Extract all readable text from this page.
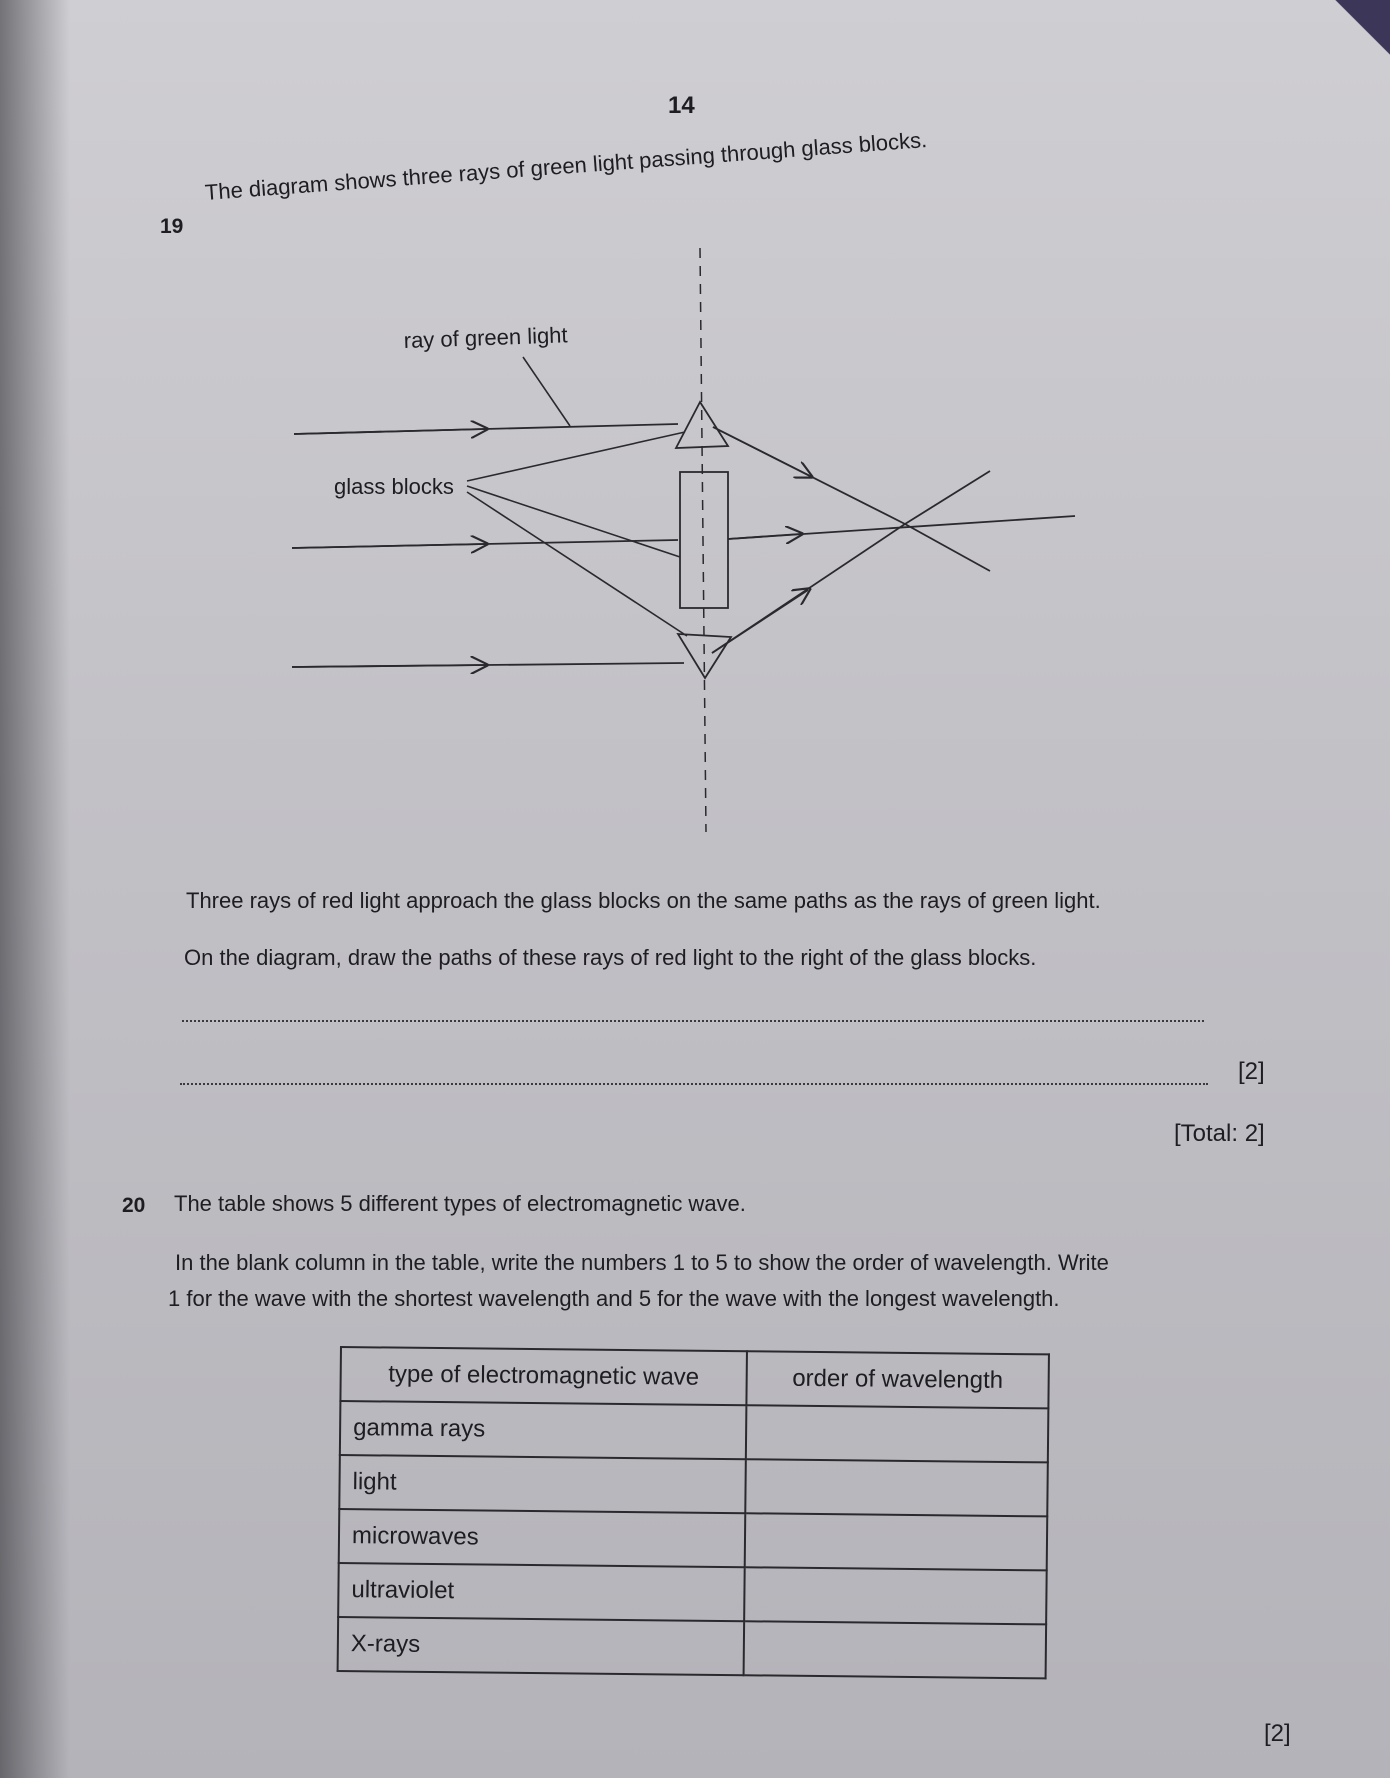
14
19
The diagram shows three rays of green light passing through glass blocks.
ray of green light
glass blocks
Three rays of red light approach the glass blocks on the same paths as the rays of green light.
On the diagram, draw the paths of these rays of red light to the right of the glass blocks.
[2]
[Total: 2]
20 The table shows 5 different types of electromagnetic wave.
In the blank column in the table, write the numbers 1 to 5 to show the order of wavelength. Write
1 for the wave with the shortest wavelength and 5 for the wave with the longest wavelength.
type of electromagnetic wave	order of wavelength
gamma rays	
light	
microwaves	
ultraviolet	
X-rays	
[2]
